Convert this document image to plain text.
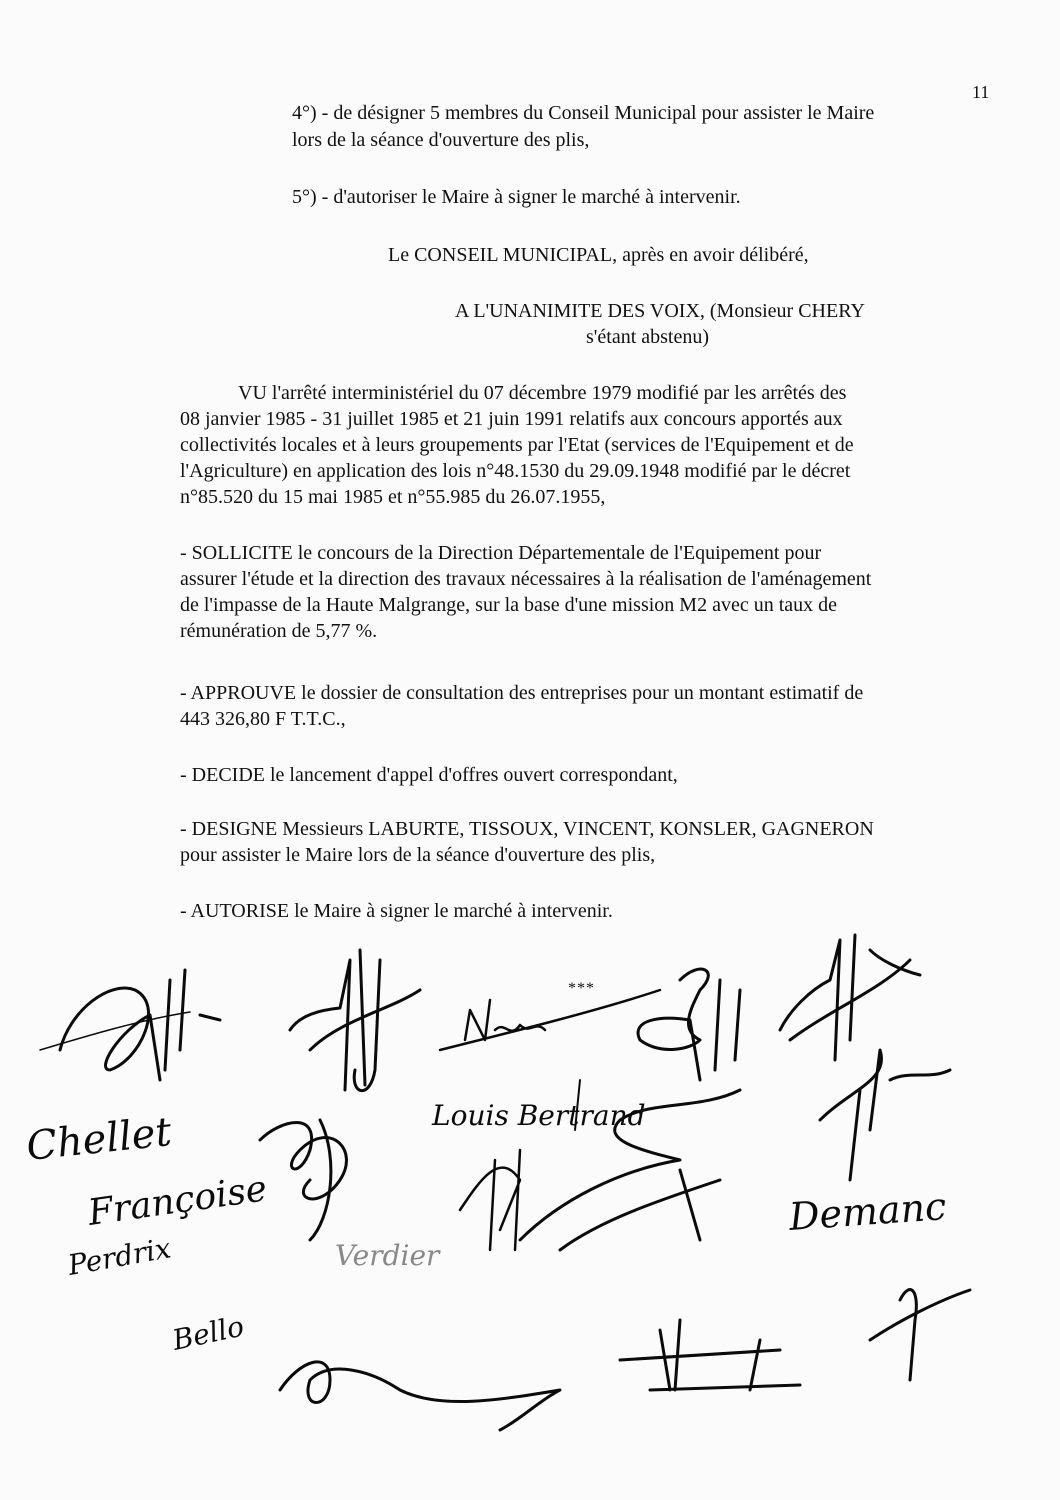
11

4°) - de désigner 5 membres du Conseil Municipal pour assister le Maire

lors de la séance d'ouverture des plis,

5°) - d'autoriser le Maire à signer le marché à intervenir.

Le CONSEIL MUNICIPAL, après en avoir délibéré,

A L'UNANIMITE DES VOIX, (Monsieur CHERY

s'étant abstenu)

VU l'arrêté interministériel du 07 décembre 1979 modifié par les arrêtés des

08 janvier 1985 - 31 juillet 1985 et 21 juin 1991 relatifs aux concours apportés aux

collectivités locales et à leurs groupements par l'Etat (services de l'Equipement et de

l'Agriculture) en application des lois n°48.1530 du 29.09.1948 modifié par le décret

n°85.520 du 15 mai 1985 et n°55.985 du 26.07.1955,

- SOLLICITE le concours de la Direction Départementale de l'Equipement pour

assurer l'étude et la direction des travaux nécessaires à la réalisation de l'aménagement

de l'impasse de la Haute Malgrange, sur la base d'une mission M2 avec un taux de

rémunération de 5,77 %.

- APPROUVE le dossier de consultation des entreprises pour un montant estimatif de

443 326,80 F T.T.C.,

- DECIDE le lancement d'appel d'offres ouvert correspondant,

- DESIGNE Messieurs LABURTE, TISSOUX, VINCENT, KONSLER, GAGNERON

pour assister le Maire lors de la séance d'ouverture des plis,

- AUTORISE le Maire à signer le marché à intervenir.

***
Chellet	Louis Bertrand
Françoise
Perdrix
Bello
Demanc
Verdier
